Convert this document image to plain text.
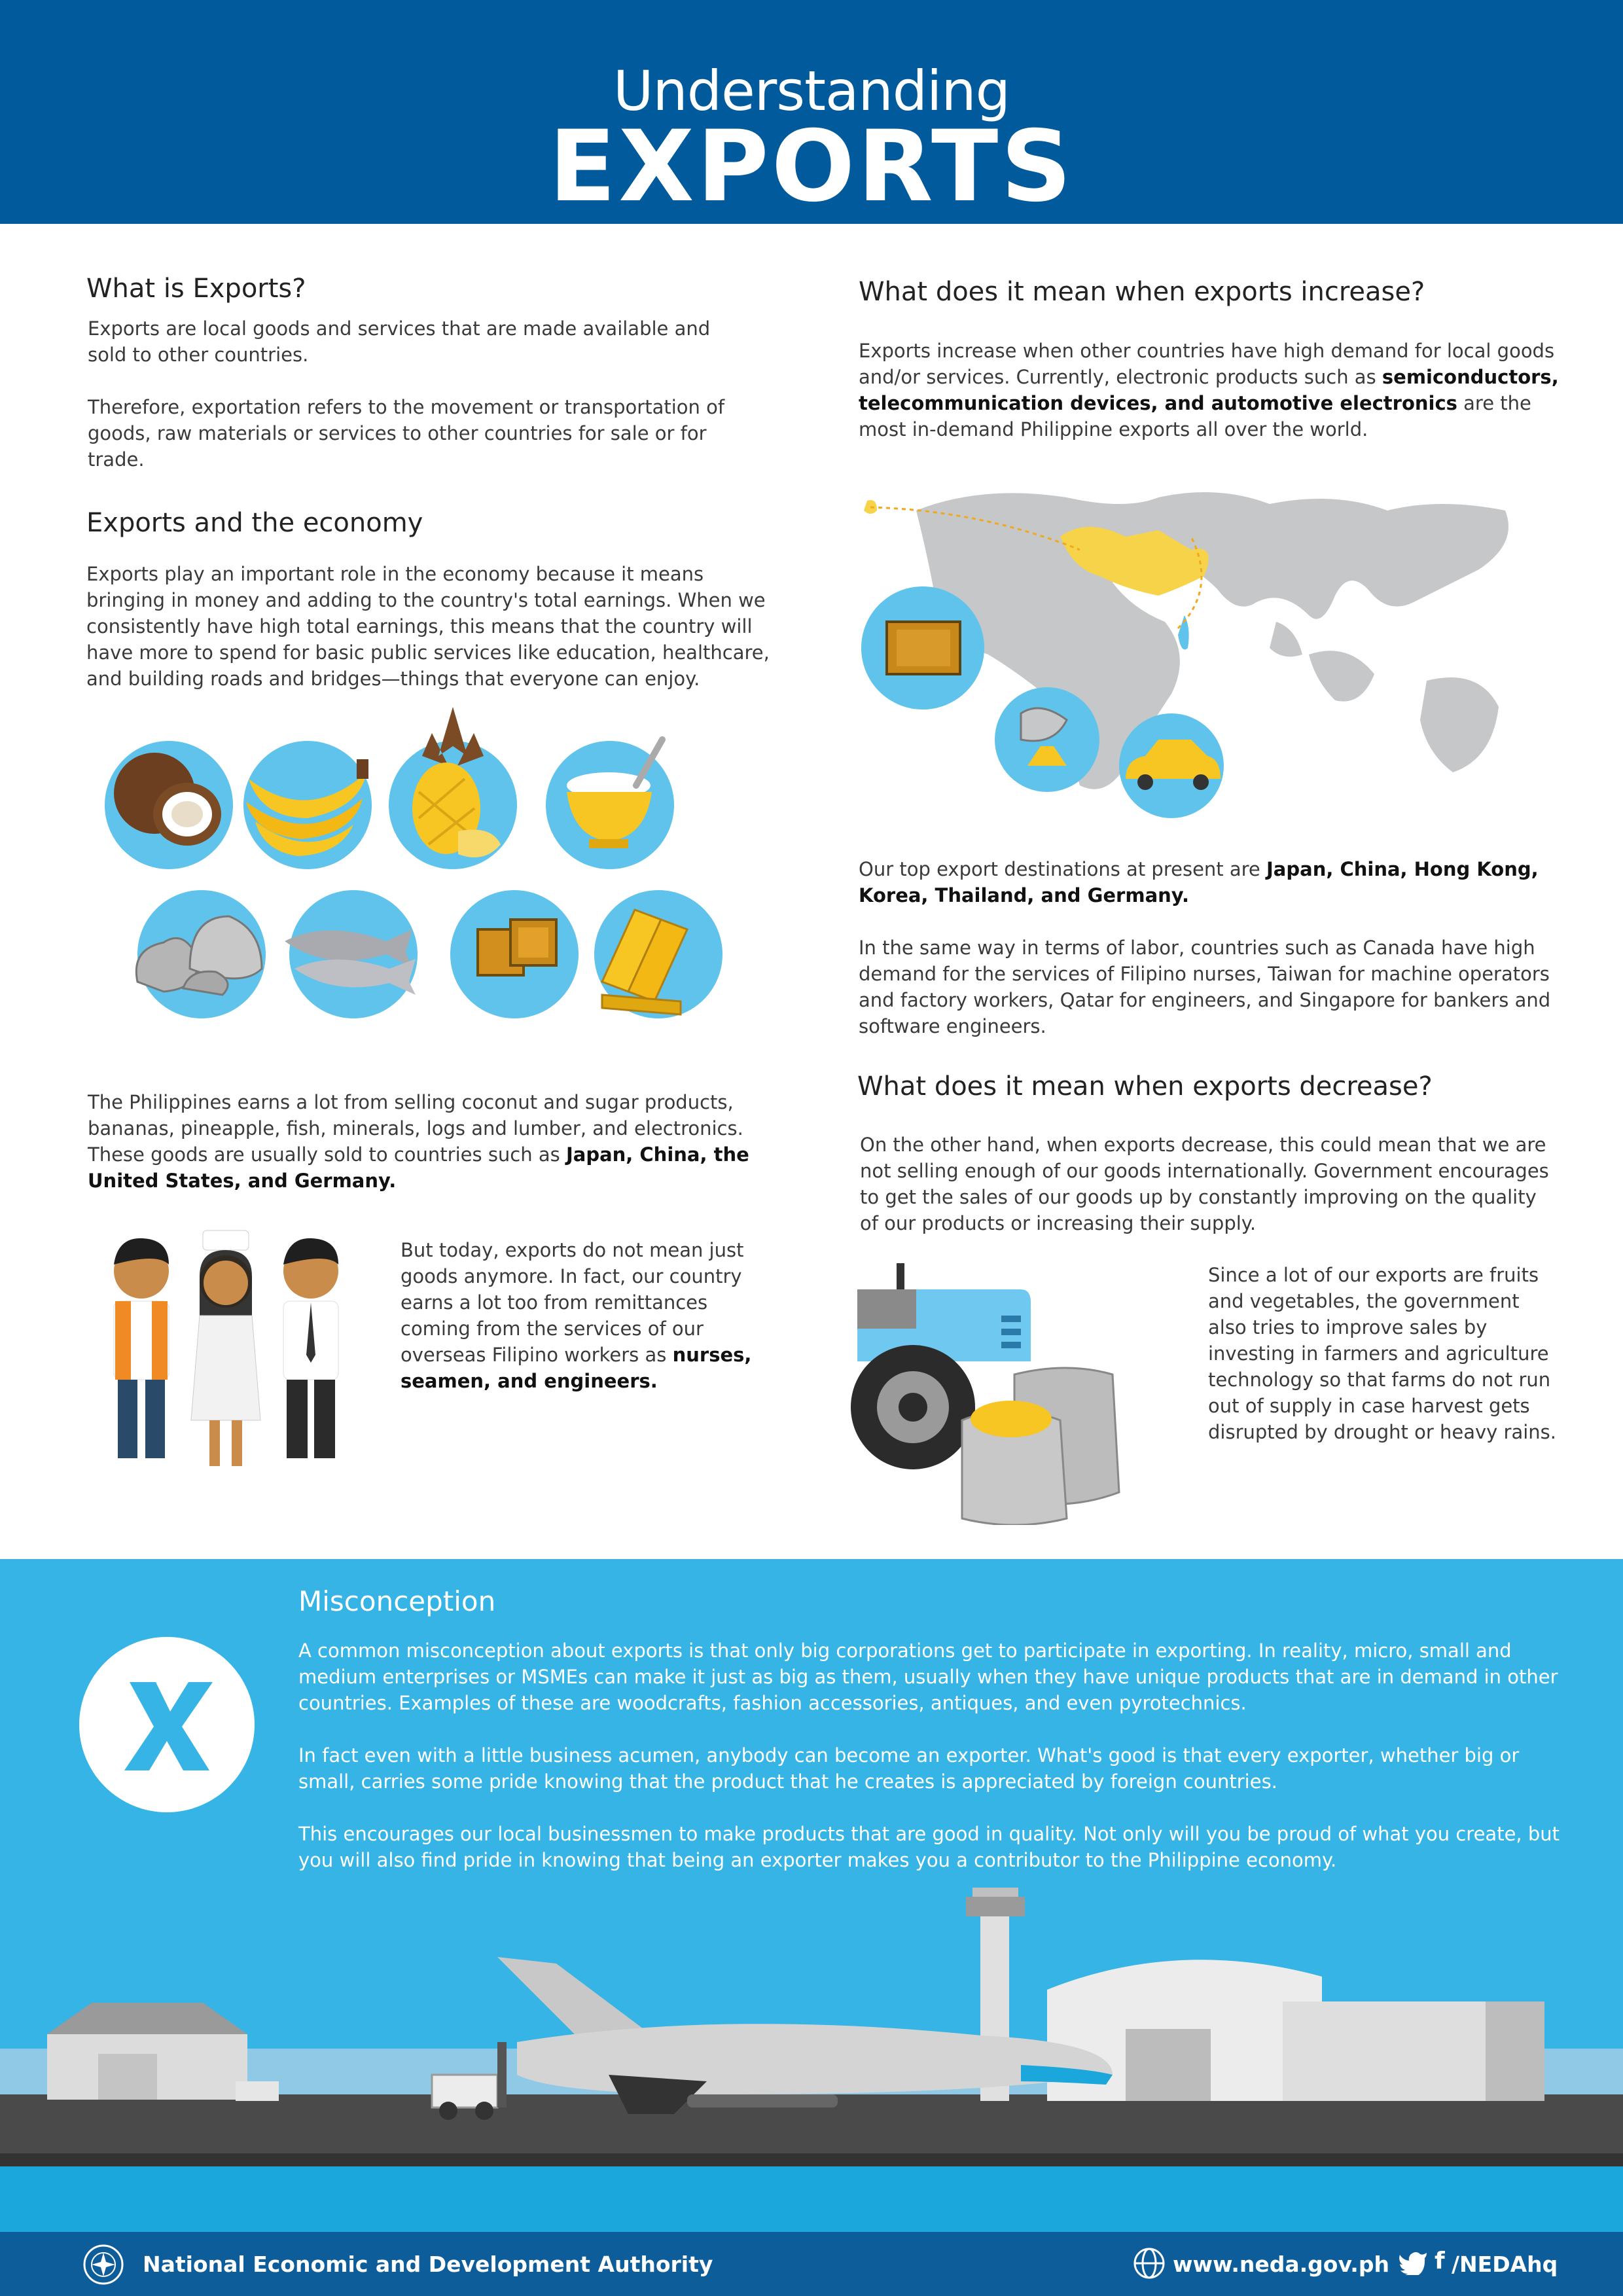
Understanding
EXPORTS
What is Exports?

Exports are local goods and services that are made available and sold to other countries.

Therefore, exportation refers to the movement or transportation of goods, raw materials or services to other countries for sale or for trade.

Exports and the economy

Exports play an important role in the economy because it means bringing in money and adding to the country's total earnings. When we consistently have high total earnings, this means that the country will have more to spend for basic public services like education, healthcare, and building roads and bridges—things that everyone can enjoy.

The Philippines earns a lot from selling coconut and sugar products, bananas, pineapple, fish, minerals, logs and lumber, and electronics. These goods are usually sold to countries such as Japan, China, the United States, and Germany.

But today, exports do not mean just goods anymore. In fact, our country earns a lot too from remittances coming from the services of our overseas Filipino workers as nurses, seamen, and engineers.

What does it mean when exports increase?

Exports increase when other countries have high demand for local goods and/or services. Currently, electronic products such as semiconductors, telecommunication devices, and automotive electronics are the most in-demand Philippine exports all over the world.

Our top export destinations at present are Japan, China, Hong Kong, Korea, Thailand, and Germany.

In the same way in terms of labor, countries such as Canada have high demand for the services of Filipino nurses, Taiwan for machine operators and factory workers, Qatar for engineers, and Singapore for bankers and software engineers.

What does it mean when exports decrease?

On the other hand, when exports decrease, this could mean that we are not selling enough of our goods internationally. Government encourages to get the sales of our goods up by constantly improving on the quality of our products or increasing their supply.

Since a lot of our exports are fruits and vegetables, the government also tries to improve sales by investing in farmers and agriculture technology so that farms do not run out of supply in case harvest gets disrupted by drought or heavy rains.

Misconception

A common misconception about exports is that only big corporations get to participate in exporting. In reality, micro, small and medium enterprises or MSMEs can make it just as big as them, usually when they have unique products that are in demand in other countries. Examples of these are woodcrafts, fashion accessories, antiques, and even pyrotechnics.

In fact even with a little business acumen, anybody can become an exporter. What's good is that every exporter, whether big or small, carries some pride knowing that the product that he creates is appreciated by foreign countries.

This encourages our local businessmen to make products that are good in quality. Not only will you be proud of what you create, but you will also find pride in knowing that being an exporter makes you a contributor to the Philippine economy.

National Economic and Development Authority	www.neda.gov.ph f /NEDAhq
